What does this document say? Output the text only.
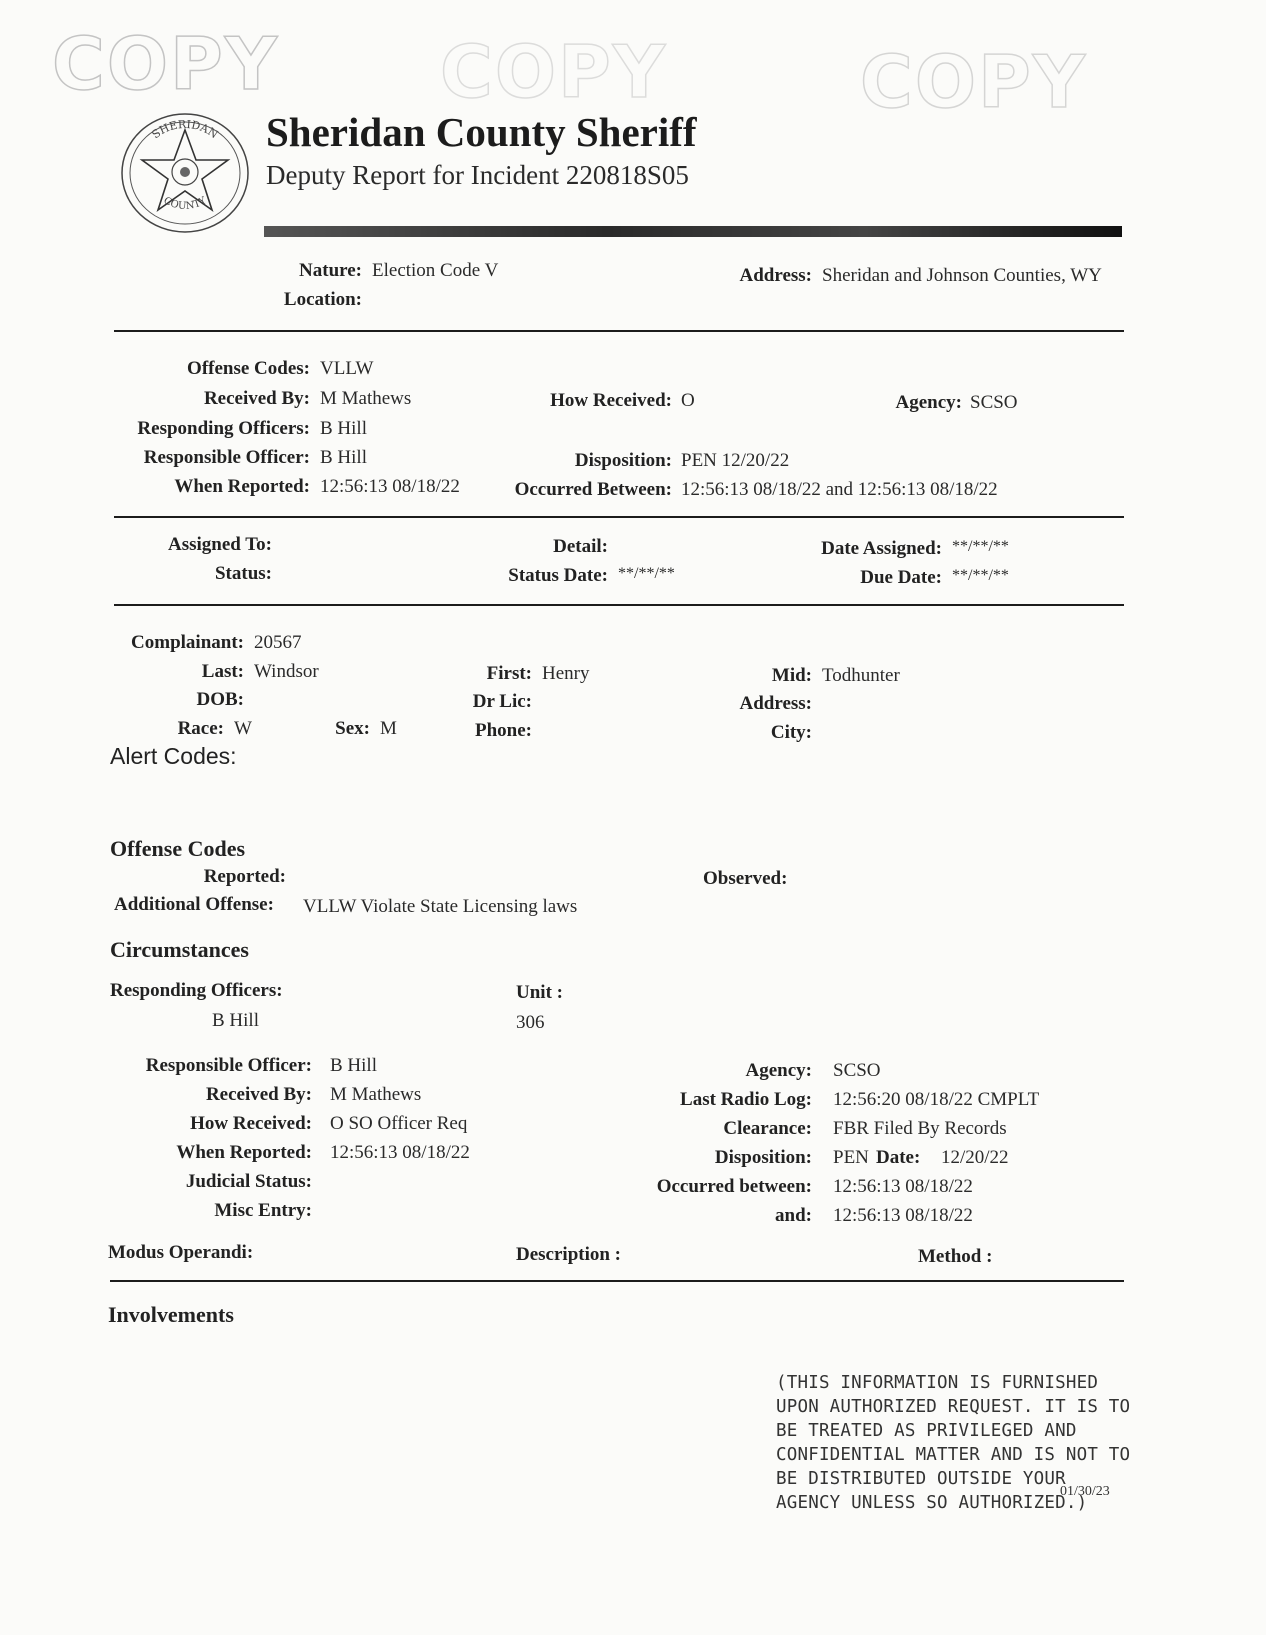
COPY COPY	COPY
SHERIDAN
COUNTY
Sheridan County Sheriff
Deputy Report for Incident 220818S05
Nature: Election Code V
Location:
Address: Sheridan and Johnson Counties, WY
Offense Codes: VLLW
Received By: M Mathews	How Received: O	Agency: SCSO
Responding Officers: B Hill
Responsible Officer: B Hill	Disposition: PEN 12/20/22
When Reported: 12:56:13 08/18/22	Occurred Between: 12:56:13 08/18/22 and 12:56:13 08/18/22
Assigned To:
Status:
Detail:
Status Date: **/**/**
Date Assigned: **/**/**
Due Date: **/**/**
Complainant: 20567
Last: Windsor	First: Henry	Mid: Todhunter
DOB:	Dr Lic:	Address:
Race: W	Sex: M	Phone:	City:
Alert Codes:
Offense Codes
Reported:	Observed:
Additional Offense: VLLW Violate State Licensing laws
Circumstances
Responding Officers:
B Hill
Unit :
306
Responsible Officer: B Hill
Received By: M Mathews
How Received: O SO Officer Req
When Reported: 12:56:13 08/18/22
Judicial Status:
Misc Entry:
Agency: SCSO
Last Radio Log: 12:56:20 08/18/22 CMPLT
Clearance: FBR Filed By Records
Disposition: PEN Date: 12/20/22
Occurred between: 12:56:13 08/18/22
and: 12:56:13 08/18/22
Modus Operandi:	Description :	Method :
Involvements
(THIS INFORMATION IS FURNISHED UPON AUTHORIZED REQUEST. IT IS TO BE TREATED AS PRIVILEGED AND CONFIDENTIAL MATTER AND IS NOT TO BE DISTRIBUTED OUTSIDE YOUR AGENCY UNLESS SO AUTHORIZED.)
01/30/23
